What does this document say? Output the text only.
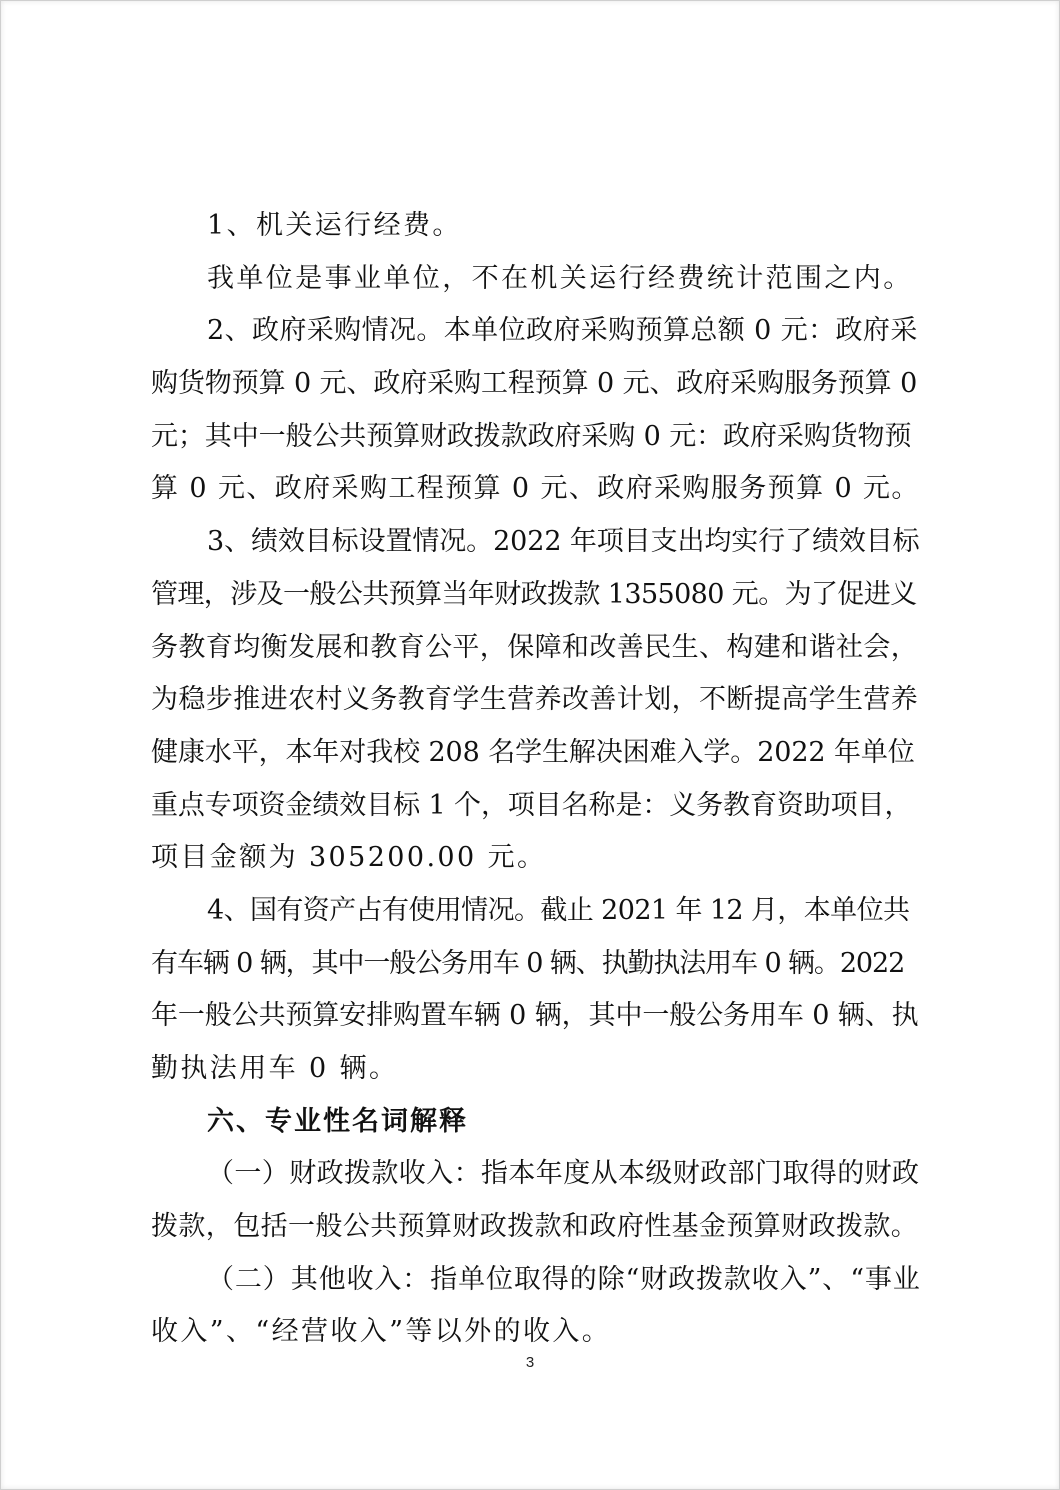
1、机关运行经费。
我单位是事业单位，不在机关运行经费统计范围之内。
2、政府采购情况。本单位政府采购预算总额 0 元：政府采
购货物预算 0 元、政府采购工程预算 0 元、政府采购服务预算 0
元；其中一般公共预算财政拨款政府采购 0 元：政府采购货物预
算 0 元、政府采购工程预算 0 元、政府采购服务预算 0 元。
3、绩效目标设置情况。2022 年项目支出均实行了绩效目标
管理，涉及一般公共预算当年财政拨款 1355080 元。为了促进义
务教育均衡发展和教育公平，保障和改善民生、构建和谐社会，
为稳步推进农村义务教育学生营养改善计划，不断提高学生营养
健康水平，本年对我校 208 名学生解决困难入学。2022 年单位
重点专项资金绩效目标 1 个，项目名称是：义务教育资助项目，
项目金额为 305200.00 元。
4、国有资产占有使用情况。截止 2021 年 12 月，本单位共
有车辆 0 辆，其中一般公务用车 0 辆、执勤执法用车 0 辆。2022
年一般公共预算安排购置车辆 0 辆，其中一般公务用车 0 辆、执
勤执法用车 0 辆。
六、专业性名词解释
（一）财政拨款收入：指本年度从本级财政部门取得的财政
拨款，包括一般公共预算财政拨款和政府性基金预算财政拨款。
（二）其他收入：指单位取得的除“财政拨款收入”、“事业
收入”、“经营收入”等以外的收入。
3
